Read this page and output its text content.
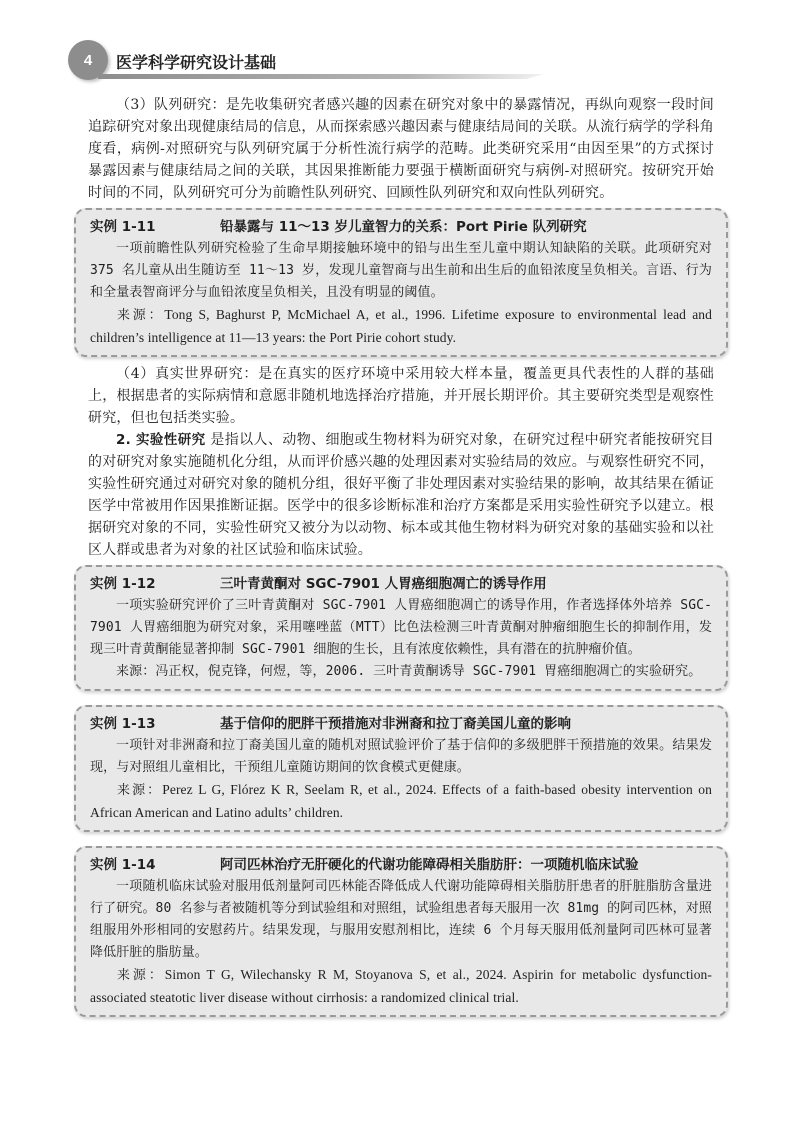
4	医学科学研究设计基础

（3）队列研究：是先收集研究者感兴趣的因素在研究对象中的暴露情况，再纵向观察一段时间追踪研究对象出现健康结局的信息，从而探索感兴趣因素与健康结局间的关联。从流行病学的学科角度看，病例-对照研究与队列研究属于分析性流行病学的范畴。此类研究采用“由因至果”的方式探讨暴露因素与健康结局之间的关联，其因果推断能力要强于横断面研究与病例-对照研究。按研究开始时间的不同，队列研究可分为前瞻性队列研究、回顾性队列研究和双向性队列研究。

实例 1-11	铅暴露与 11～13 岁儿童智力的关系：Port Pirie 队列研究

一项前瞻性队列研究检验了生命早期接触环境中的铅与出生至儿童中期认知缺陷的关联。此项研究对 375 名儿童从出生随访至 11～13 岁，发现儿童智商与出生前和出生后的血铅浓度呈负相关。言语、行为和全量表智商评分与血铅浓度呈负相关，且没有明显的阈值。

来源：Tong S, Baghurst P, McMichael A, et al., 1996. Lifetime exposure to environmental lead and children’s intelligence at 11—13 years: the Port Pirie cohort study.

（4）真实世界研究：是在真实的医疗环境中采用较大样本量，覆盖更具代表性的人群的基础上，根据患者的实际病情和意愿非随机地选择治疗措施，并开展长期评价。其主要研究类型是观察性研究，但也包括类实验。

2. 实验性研究 是指以人、动物、细胞或生物材料为研究对象，在研究过程中研究者能按研究目的对研究对象实施随机化分组，从而评价感兴趣的处理因素对实验结局的效应。与观察性研究不同，实验性研究通过对研究对象的随机分组，很好平衡了非处理因素对实验结果的影响，故其结果在循证医学中常被用作因果推断证据。医学中的很多诊断标准和治疗方案都是采用实验性研究予以建立。根据研究对象的不同，实验性研究又被分为以动物、标本或其他生物材料为研究对象的基础实验和以社区人群或患者为对象的社区试验和临床试验。

实例 1-12	三叶青黄酮对 SGC-7901 人胃癌细胞凋亡的诱导作用

一项实验研究评价了三叶青黄酮对 SGC-7901 人胃癌细胞凋亡的诱导作用，作者选择体外培养 SGC-7901 人胃癌细胞为研究对象，采用噻唑蓝（MTT）比色法检测三叶青黄酮对肿瘤细胞生长的抑制作用，发现三叶青黄酮能显著抑制 SGC-7901 细胞的生长，且有浓度依赖性，具有潜在的抗肿瘤价值。

来源：冯正权，倪克锋，何煜，等，2006. 三叶青黄酮诱导 SGC-7901 胃癌细胞凋亡的实验研究。

实例 1-13	基于信仰的肥胖干预措施对非洲裔和拉丁裔美国儿童的影响

一项针对非洲裔和拉丁裔美国儿童的随机对照试验评价了基于信仰的多级肥胖干预措施的效果。结果发现，与对照组儿童相比，干预组儿童随访期间的饮食模式更健康。

来源：Perez L G, Flórez K R, Seelam R, et al., 2024. Effects of a faith-based obesity intervention on African American and Latino adults’ children.

实例 1-14	阿司匹林治疗无肝硬化的代谢功能障碍相关脂肪肝：一项随机临床试验

一项随机临床试验对服用低剂量阿司匹林能否降低成人代谢功能障碍相关脂肪肝患者的肝脏脂肪含量进行了研究。80 名参与者被随机等分到试验组和对照组，试验组患者每天服用一次 81mg 的阿司匹林，对照组服用外形相同的安慰药片。结果发现，与服用安慰剂相比，连续 6 个月每天服用低剂量阿司匹林可显著降低肝脏的脂肪量。

来源：Simon T G, Wilechansky R M, Stoyanova S, et al., 2024. Aspirin for metabolic dysfunction-associated steatotic liver disease without cirrhosis: a randomized clinical trial.
